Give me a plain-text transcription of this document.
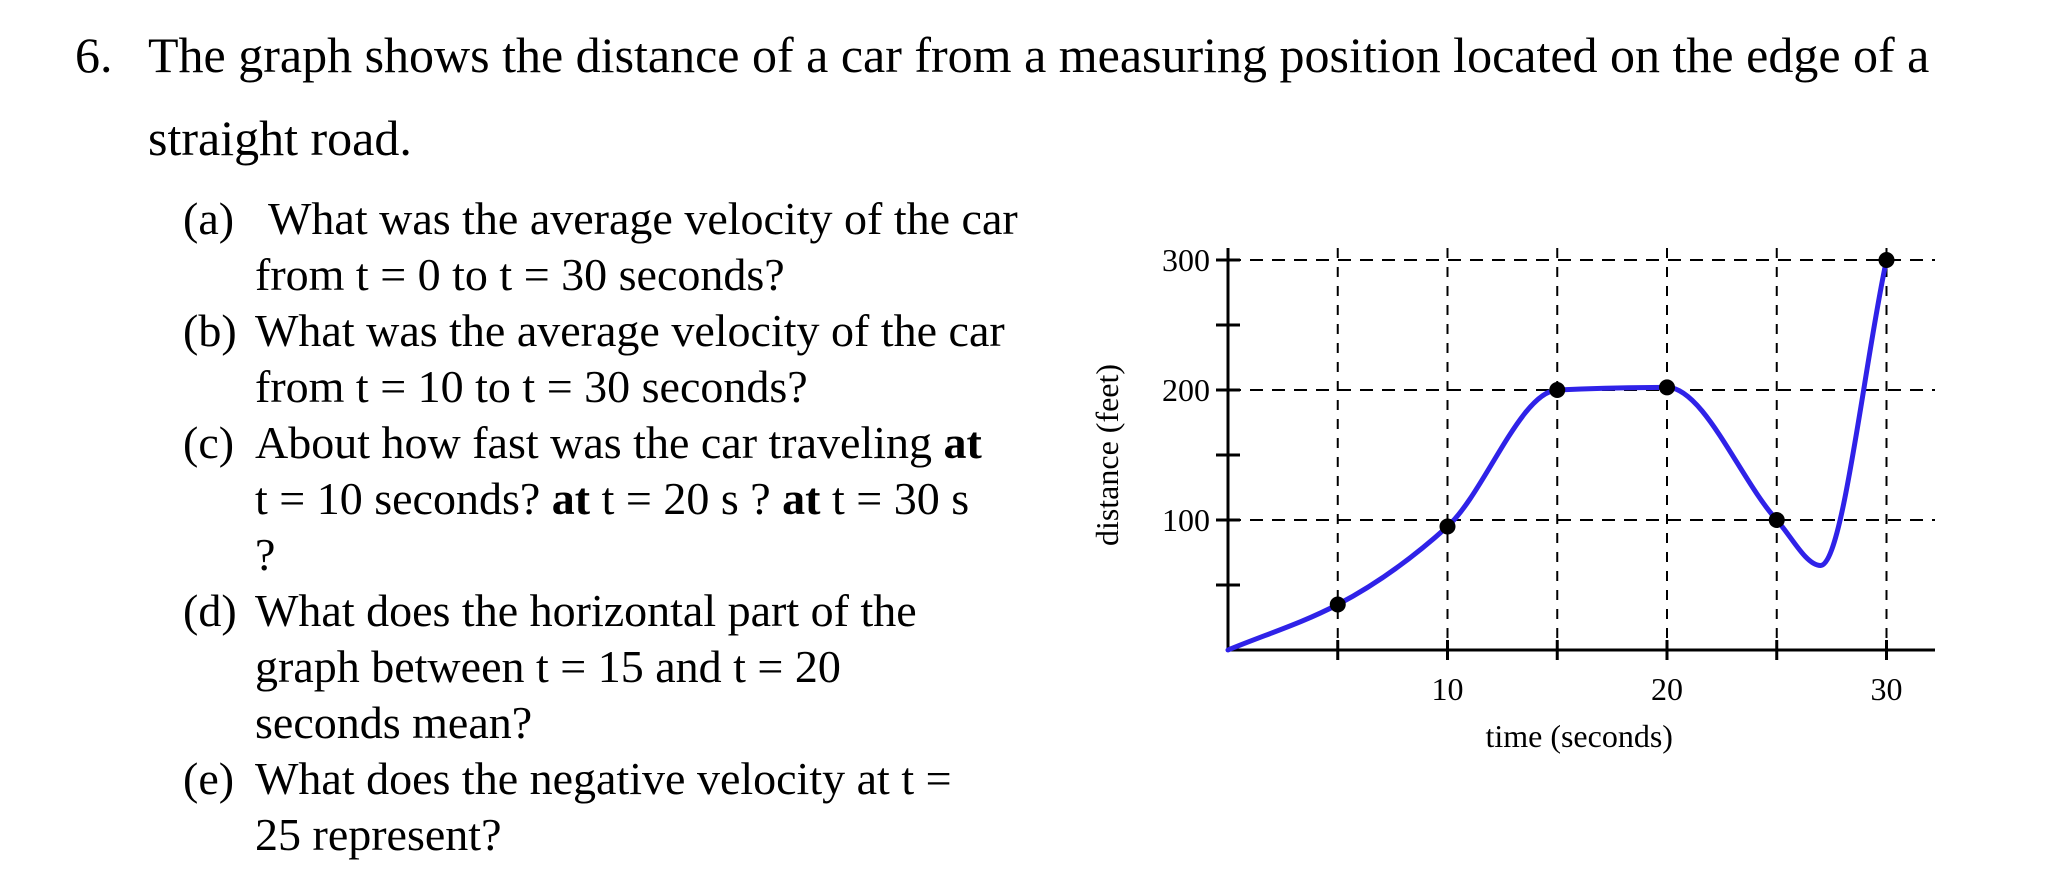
6. The graph shows the distance of a car from a measuring position located on the edge of a
straight road.
(a) What was the average velocity of the car
from t = 0 to t = 30 seconds?
(b) What was the average velocity of the car
from t = 10 to t = 30 seconds?
(c) About how fast was the car traveling at
t = 10 seconds? at t = 20 s ? at t = 30 s
?
(d) What does the horizontal part of the
graph between t = 15 and t = 20
seconds mean?
(e) What does the negative velocity at t =
25 represent?
10	20	30
100
200
300
time (seconds)
distance (feet)
